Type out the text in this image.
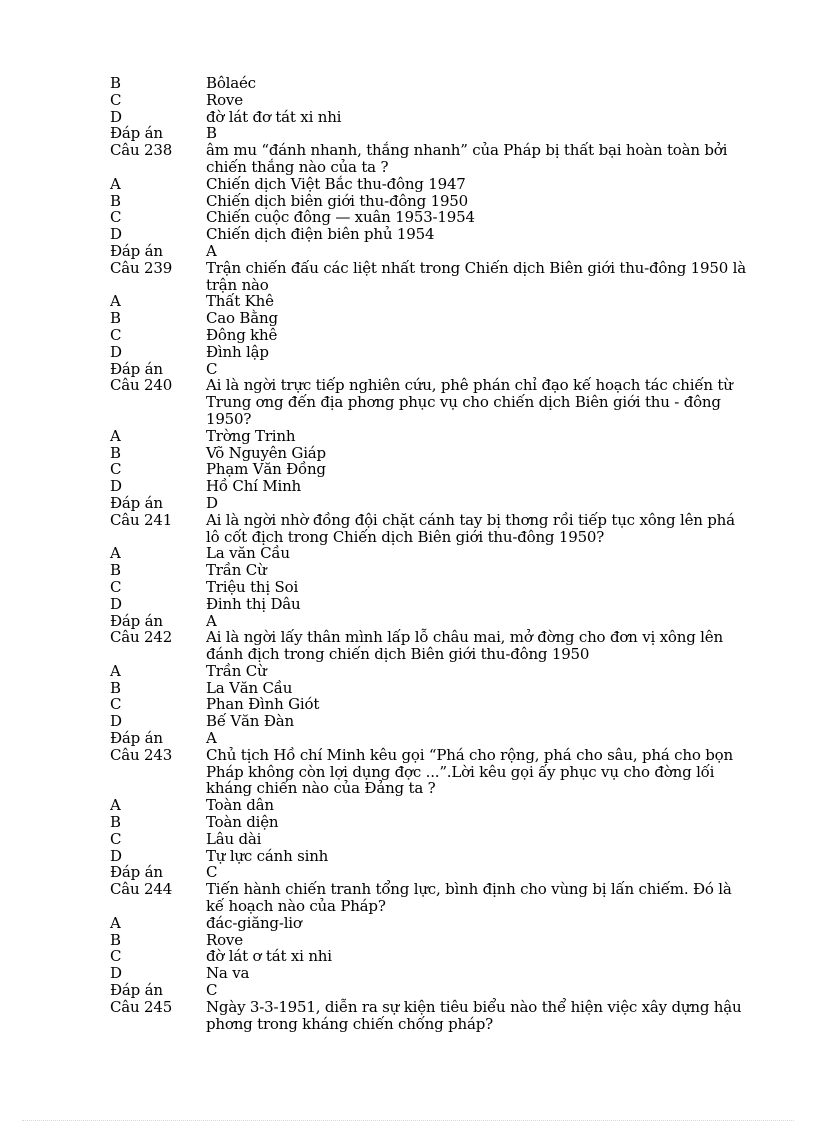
B	Bôlaéc
C	Rove
D	đờ lát đơ tát xi nhi
Đáp án	B
Câu 238	âm mu “đánh nhanh, thắng nhanh” của Pháp bị thất bại hoàn toàn bởi chiến thắng nào của ta ?
A	Chiến dịch Việt Bắc thu-đông 1947
B	Chiến dịch biên giới thu-đông 1950
C	Chiến cuộc đông — xuân 1953-1954
D	Chiến dịch điện biên phủ 1954
Đáp án	A
Câu 239	Trận chiến đấu các liệt nhất trong Chiến dịch Biên giới thu-đông 1950 là trận nào
A	Thất Khê
B	Cao Bằng
C	Đông khê
D	Đình lập
Đáp án	C
Câu 240	Ai là ngời trực tiếp nghiên cứu, phê phán chỉ đạo kế hoạch tác chiến từ Trung ơng đến địa phơng phục vụ cho chiến dịch Biên giới thu - đông 1950?
A	Trờng Trinh
B	Võ Nguyên Giáp
C	Phạm Văn Đồng
D	Hồ Chí Minh
Đáp án	D
Câu 241	Ai là ngời nhờ đồng đội chặt cánh tay bị thơng rồi tiếp tục xông lên phá lô cốt địch trong Chiến dịch Biên giới thu-đông 1950?
A	La văn Cầu
B	Trần Cừ
C	Triệu thị Soi
D	Đinh thị Dâu
Đáp án	A
Câu 242	Ai là ngời lấy thân mình lấp lỗ châu mai, mở đờng cho đơn vị xông lên đánh địch trong chiến dịch Biên giới thu-đông 1950
A	Trần Cừ
B	La Văn Cầu
C	Phan Đình Giót
D	Bế Văn Đàn
Đáp án	A
Câu 243	Chủ tịch Hồ chí Minh kêu gọi “Phá cho rộng, phá cho sâu, phá cho bọn Pháp không còn lợi dụng đợc ...”.Lời kêu gọi ấy phục vụ cho đờng lối kháng chiến nào của Đảng ta ?
A	Toàn dân
B	Toàn diện
C	Lâu dài
D	Tự lực cánh sinh
Đáp án	C
Câu 244	Tiến hành chiến tranh tổng lực, bình định cho vùng bị lấn chiếm. Đó là kế hoạch nào của Pháp?
A	đác-giăng-liơ
B	Rove
C	đờ lát ơ tát xi nhi
D	Na va
Đáp án	C
Câu 245	Ngày 3-3-1951, diễn ra sự kiện tiêu biểu nào thể hiện việc xây dựng hậu phơng trong kháng chiến chống pháp?
